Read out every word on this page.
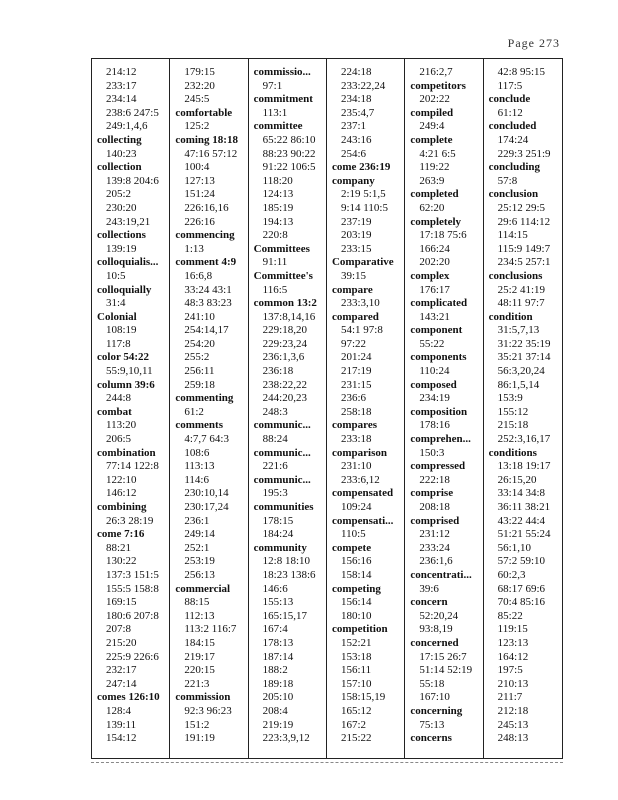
Page 273
214:12
233:17
234:14
238:6 247:5
249:1,4,6
collecting
140:23
collection
139:8 204:6
205:2
230:20
243:19,21
collections
139:19
colloquialis...
10:5
colloquially
31:4
Colonial
108:19
117:8
color 54:22
55:9,10,11
column 39:6
244:8
combat
113:20
206:5
combination
77:14 122:8
122:10
146:12
combining
26:3 28:19
come 7:16
88:21
130:22
137:3 151:5
155:5 158:8
169:15
180:6 207:8
207:8
215:20
225:9 226:6
232:17
247:14
comes 126:10
128:4
139:11
154:12
179:15
232:20
245:5
comfortable
125:2
coming 18:18
47:16 57:12
100:4
127:13
151:24
226:16,16
226:16
commencing
1:13
comment 4:9
16:6,8
33:24 43:1
48:3 83:23
241:10
254:14,17
254:20
255:2
256:11
259:18
commenting
61:2
comments
4:7,7 64:3
108:6
113:13
114:6
230:10,14
230:17,24
236:1
249:14
252:1
253:19
256:13
commercial
88:15
112:13
113:2 116:7
184:15
219:17
220:15
221:3
commission
92:3 96:23
151:2
191:19
commissio...
97:1
commitment
113:1
committee
65:22 86:10
88:23 90:22
91:22 106:5
118:20
124:13
185:19
194:13
220:8
Committees
91:11
Committee's
116:5
common 13:2
137:8,14,16
229:18,20
229:23,24
236:1,3,6
236:18
238:22,22
244:20,23
248:3
communic...
88:24
communic...
221:6
communic...
195:3
communities
178:15
184:24
community
12:8 18:10
18:23 138:6
146:6
155:13
165:15,17
167:4
178:13
187:14
188:2
189:18
205:10
208:4
219:19
223:3,9,12
224:18
233:22,24
234:18
235:4,7
237:1
243:16
254:6
come 236:19
company
2:19 5:1,5
9:14 110:5
237:19
203:19
233:15
Comparative
39:15
compare
233:3,10
compared
54:1 97:8
97:22
201:24
217:19
231:15
236:6
258:18
compares
233:18
comparison
231:10
233:6,12
compensated
109:24
compensati...
110:5
compete
156:16
158:14
competing
156:14
180:10
competition
152:21
153:18
156:11
157:10
158:15,19
165:12
167:2
215:22
216:2,7
competitors
202:22
compiled
249:4
complete
4:21 6:5
119:22
263:9
completed
62:20
completely
17:18 75:6
166:24
202:20
complex
176:17
complicated
143:21
component
55:22
components
110:24
composed
234:19
composition
178:16
comprehen...
150:3
compressed
222:18
comprise
208:18
comprised
231:12
233:24
236:1,6
concentrati...
39:6
concern
52:20,24
93:8,19
concerned
17:15 26:7
51:14 52:19
55:18
167:10
concerning
75:13
concerns
42:8 95:15
117:5
conclude
61:12
concluded
174:24
229:3 251:9
concluding
57:8
conclusion
25:12 29:5
29:6 114:12
114:15
115:9 149:7
234:5 257:1
conclusions
25:2 41:19
48:11 97:7
condition
31:5,7,13
31:22 35:19
35:21 37:14
56:3,20,24
86:1,5,14
153:9
155:12
215:18
252:3,16,17
conditions
13:18 19:17
26:15,20
33:14 34:8
36:11 38:21
43:22 44:4
51:21 55:24
56:1,10
57:2 59:10
60:2,3
68:17 69:6
70:4 85:16
85:22
119:15
123:13
164:12
197:5
210:13
211:7
212:18
245:13
248:13
